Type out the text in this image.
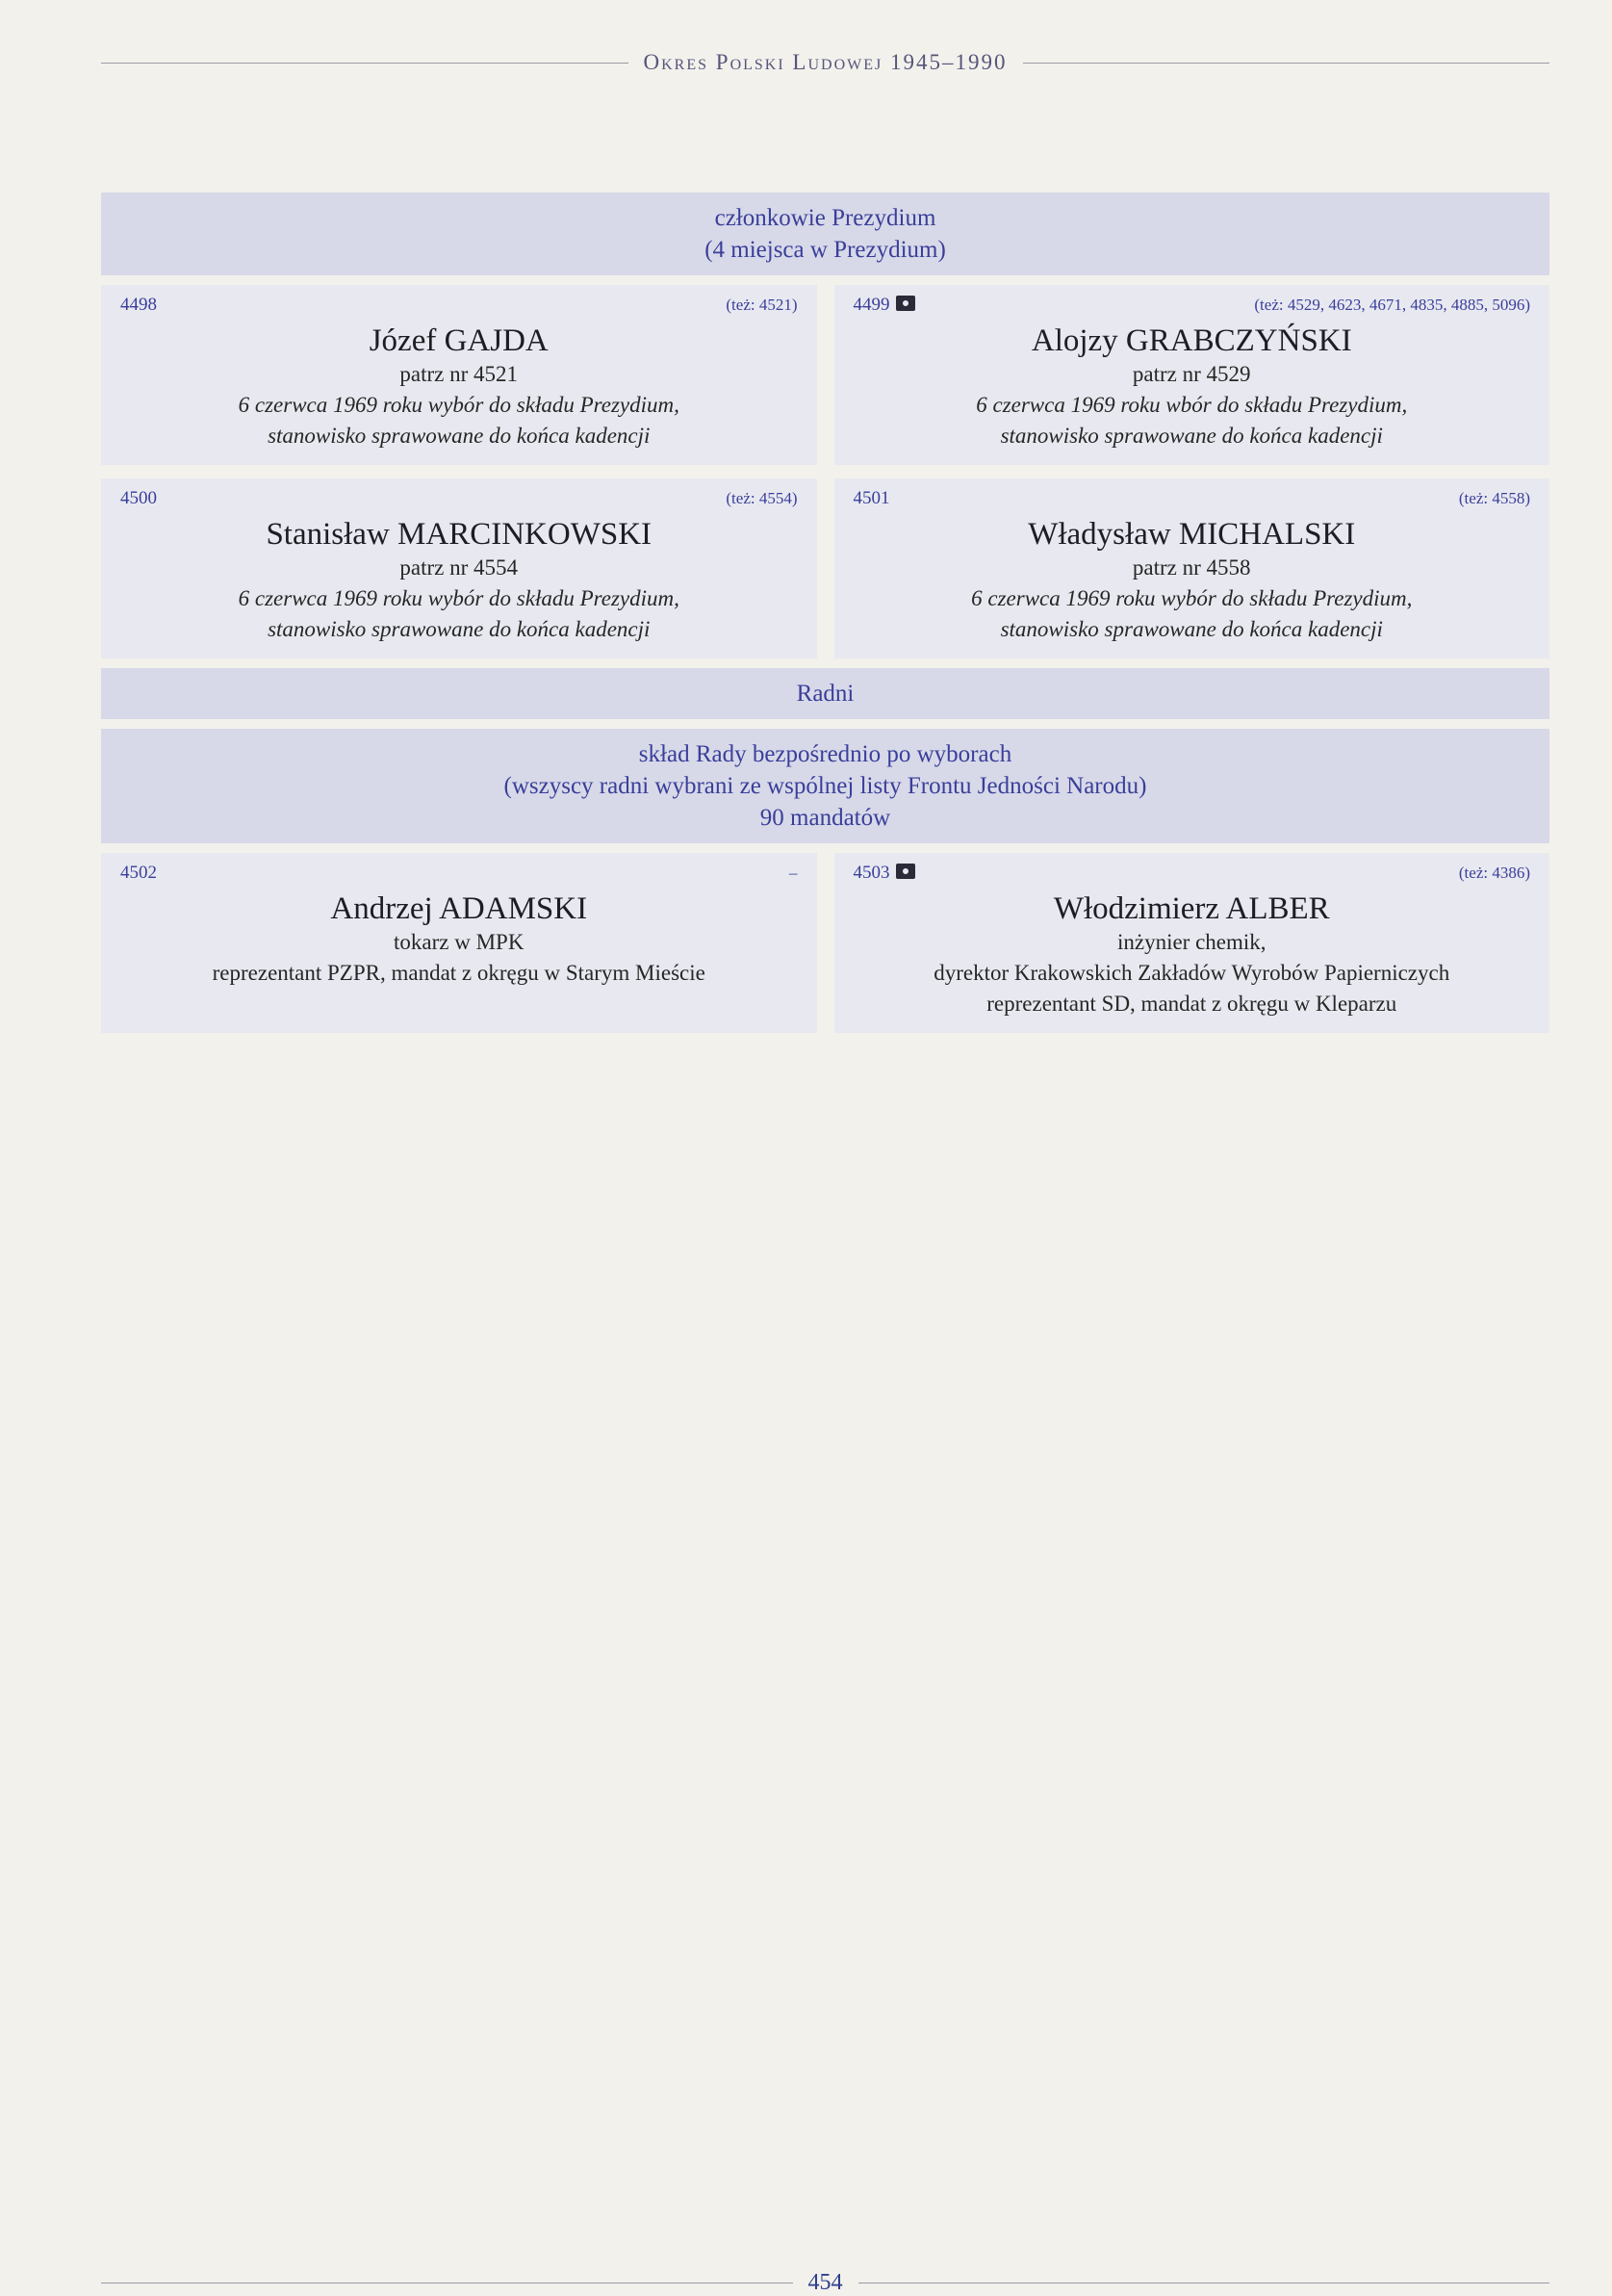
Okres Polski Ludowej 1945–1990
członkowie Prezydium
(4 miejsca w Prezydium)
4498	(też: 4521)
Józef GAJDA
patrz nr 4521
6 czerwca 1969 roku wybór do składu Prezydium,
stanowisko sprawowane do końca kadencji
4499	(też: 4529, 4623, 4671, 4835, 4885, 5096)
Alojzy GRABCZYŃSKI
patrz nr 4529
6 czerwca 1969 roku wbór do składu Prezydium,
stanowisko sprawowane do końca kadencji
4500	(też: 4554)
Stanisław MARCINKOWSKI
patrz nr 4554
6 czerwca 1969 roku wybór do składu Prezydium,
stanowisko sprawowane do końca kadencji
4501	(też: 4558)
Władysław MICHALSKI
patrz nr 4558
6 czerwca 1969 roku wybór do składu Prezydium,
stanowisko sprawowane do końca kadencji
Radni
skład Rady bezpośrednio po wyborach
(wszyscy radni wybrani ze wspólnej listy Frontu Jedności Narodu)
90 mandatów
4502	–
Andrzej ADAMSKI
tokarz w MPK
reprezentant PZPR, mandat z okręgu w Starym Mieście
4503	(też: 4386)
Włodzimierz ALBER
inżynier chemik,
dyrektor Krakowskich Zakładów Wyrobów Papierniczych
reprezentant SD, mandat z okręgu w Kleparzu
454
